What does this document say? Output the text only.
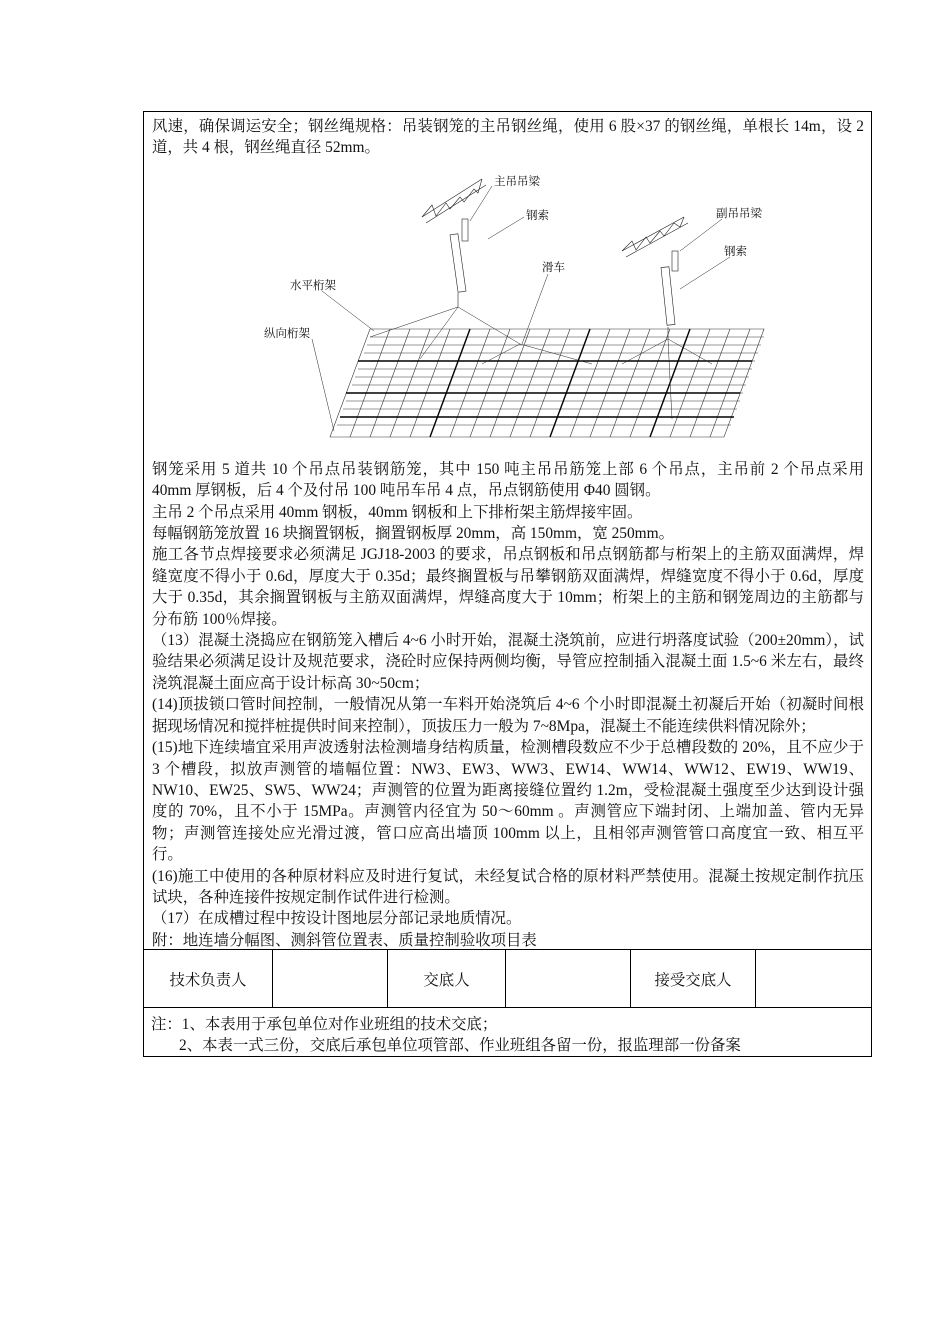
风速，确保调运安全；钢丝绳规格：吊装钢笼的主吊钢丝绳，使用 6 股×37 的钢丝绳，单根长 14m，设 2 道，共 4 根，钢丝绳直径 52mm。

主吊吊梁
钢索	副吊吊梁
滑车
钢索
水平桁架
纵向桁架

钢笼采用 5 道共 10 个吊点吊装钢筋笼，其中 150 吨主吊吊筋笼上部 6 个吊点，主吊前 2 个吊点采用 40mm 厚钢板，后 4 个及付吊 100 吨吊车吊 4 点，吊点钢筋使用 Φ40 圆钢。

主吊 2 个吊点采用 40mm 钢板，40mm 钢板和上下排桁架主筋焊接牢固。

每幅钢筋笼放置 16 块搁置钢板，搁置钢板厚 20mm，高 150mm，宽 250mm。

施工各节点焊接要求必须满足 JGJ18-2003 的要求，吊点钢板和吊点钢筋都与桁架上的主筋双面满焊，焊缝宽度不得小于 0.6d，厚度大于 0.35d；最终搁置板与吊攀钢筋双面满焊，焊缝宽度不得小于 0.6d，厚度大于 0.35d，其余搁置钢板与主筋双面满焊，焊缝高度大于 10mm；桁架上的主筋和钢笼周边的主筋都与分布筋 100％焊接。

（13）混凝土浇捣应在钢筋笼入槽后 4~6 小时开始，混凝土浇筑前，应进行坍落度试验（200±20mm），试验结果必须满足设计及规范要求，浇砼时应保持两侧均衡，导管应控制插入混凝土面 1.5~6 米左右，最终浇筑混凝土面应高于设计标高 30~50cm；

(14)顶拔锁口管时间控制，一般情况从第一车料开始浇筑后 4~6 个小时即混凝土初凝后开始（初凝时间根据现场情况和搅拌桩提供时间来控制），顶拔压力一般为 7~8Mpa，混凝土不能连续供料情况除外；

(15)地下连续墙宜采用声波透射法检测墙身结构质量，检测槽段数应不少于总槽段数的 20%，且不应少于 3 个槽段，拟放声测管的墙幅位置：NW3、EW3、WW3、EW14、WW14、WW12、EW19、WW19、NW10、EW25、SW5、WW24；声测管的位置为距离接缝位置约 1.2m，受检混凝土强度至少达到设计强度的 70%，且不小于 15MPa。声测管内径宜为 50～60mm 。声测管应下端封闭、上端加盖、管内无异物；声测管连接处应光滑过渡，管口应高出墙顶 100mm 以上，且相邻声测管管口高度宜一致、相互平行。

(16)施工中使用的各种原材料应及时进行复试，未经复试合格的原材料严禁使用。混凝土按规定制作抗压试块，各种连接件按规定制作试件进行检测。

（17）在成槽过程中按设计图地层分部记录地质情况。

附：地连墙分幅图、测斜管位置表、质量控制验收项目表

技术负责人	交底人	接受交底人

注：1、本表用于承包单位对作业班组的技术交底；

2、本表一式三份，交底后承包单位项管部、作业班组各留一份，报监理部一份备案
